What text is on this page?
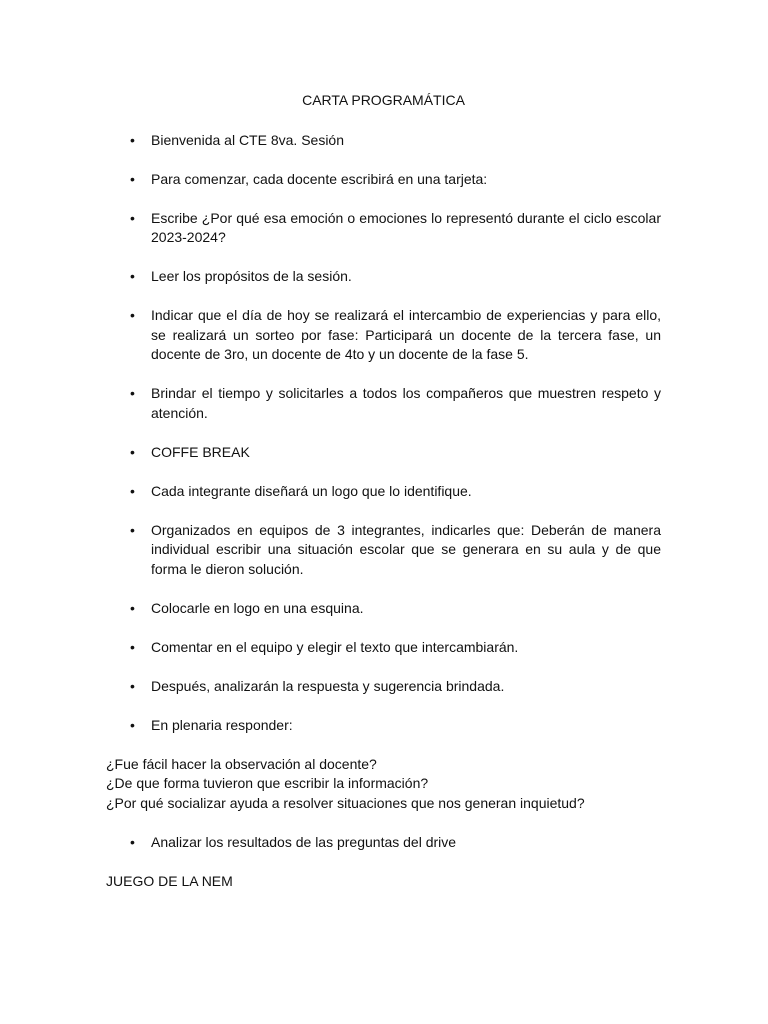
CARTA PROGRAMÁTICA
• Bienvenida al CTE 8va. Sesión
• Para comenzar, cada docente escribirá en una tarjeta:
• Escribe ¿Por qué esa emoción o emociones lo representó durante el ciclo escolar 2023-2024?
• Leer los propósitos de la sesión.
• Indicar que el día de hoy se realizará el intercambio de experiencias y para ello, se realizará un sorteo por fase: Participará un docente de la tercera fase, un docente de 3ro, un docente de 4to y un docente de la fase 5.
• Brindar el tiempo y solicitarles a todos los compañeros que muestren respeto y atención.
• COFFE BREAK
• Cada integrante diseñará un logo que lo identifique.
• Organizados en equipos de 3 integrantes, indicarles que: Deberán de manera individual escribir una situación escolar que se generara en su aula y de que forma le dieron solución.
• Colocarle en logo en una esquina.
• Comentar en el equipo y elegir el texto que intercambiarán.
• Después, analizarán la respuesta y sugerencia brindada.
• En plenaria responder:

¿Fue fácil hacer la observación al docente?

¿De que forma tuvieron que escribir la información?

¿Por qué socializar ayuda a resolver situaciones que nos generan inquietud?

• Analizar los resultados de las preguntas del drive

JUEGO DE LA NEM
